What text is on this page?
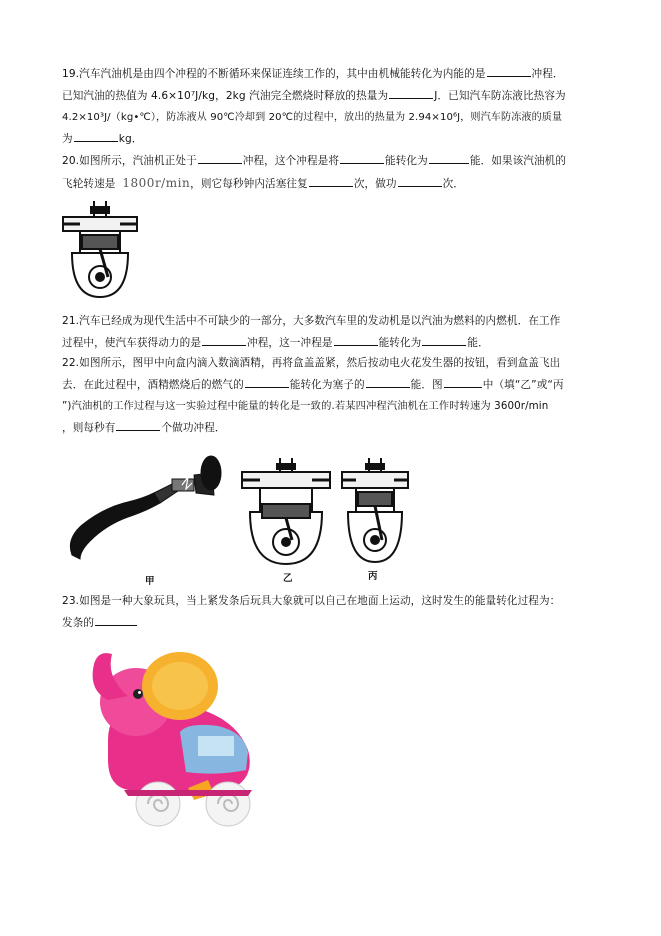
19.汽车汽油机是由四个冲程的不断循环来保证连续工作的，其中由机械能转化为内能的是	冲程．
已知汽油的热值为 4.6×10⁷J/kg，2kg 汽油完全燃烧时释放的热量为	J．已知汽车防冻液比热容为
4.2×10³J/（kg•℃），防冻液从 90℃冷却到 20℃的过程中，放出的热量为 2.94×10⁶J，则汽车防冻液的质量
为	kg．
20.如图所示，汽油机正处于	冲程，这个冲程是将	能转化为	能．如果该汽油机的
飞轮转速是 1800r/min，则它每秒钟内活塞往复	次，做功	次．
21.汽车已经成为现代生活中不可缺少的一部分，大多数汽车里的发动机是以汽油为燃料的内燃机．在工作
过程中，使汽车获得动力的是	冲程，这一冲程是	能转化为	能．
22.如图所示，图甲中向盒内滴入数滴酒精，再将盒盖盖紧，然后按动电火花发生器的按钮，看到盒盖飞出
去．在此过程中，酒精燃烧后的燃气的	能转化为塞子的	能．图	中（填“乙”或“丙
”)汽油机的工作过程与这一实验过程中能量的转化是一致的.若某四冲程汽油机在工作时转速为 3600r/min
，则每秒有	个做功冲程．
甲	乙	丙
23.如图是一种大象玩具，当上紧发条后玩具大象就可以自己在地面上运动，这时发生的能量转化过程为：
发条的
